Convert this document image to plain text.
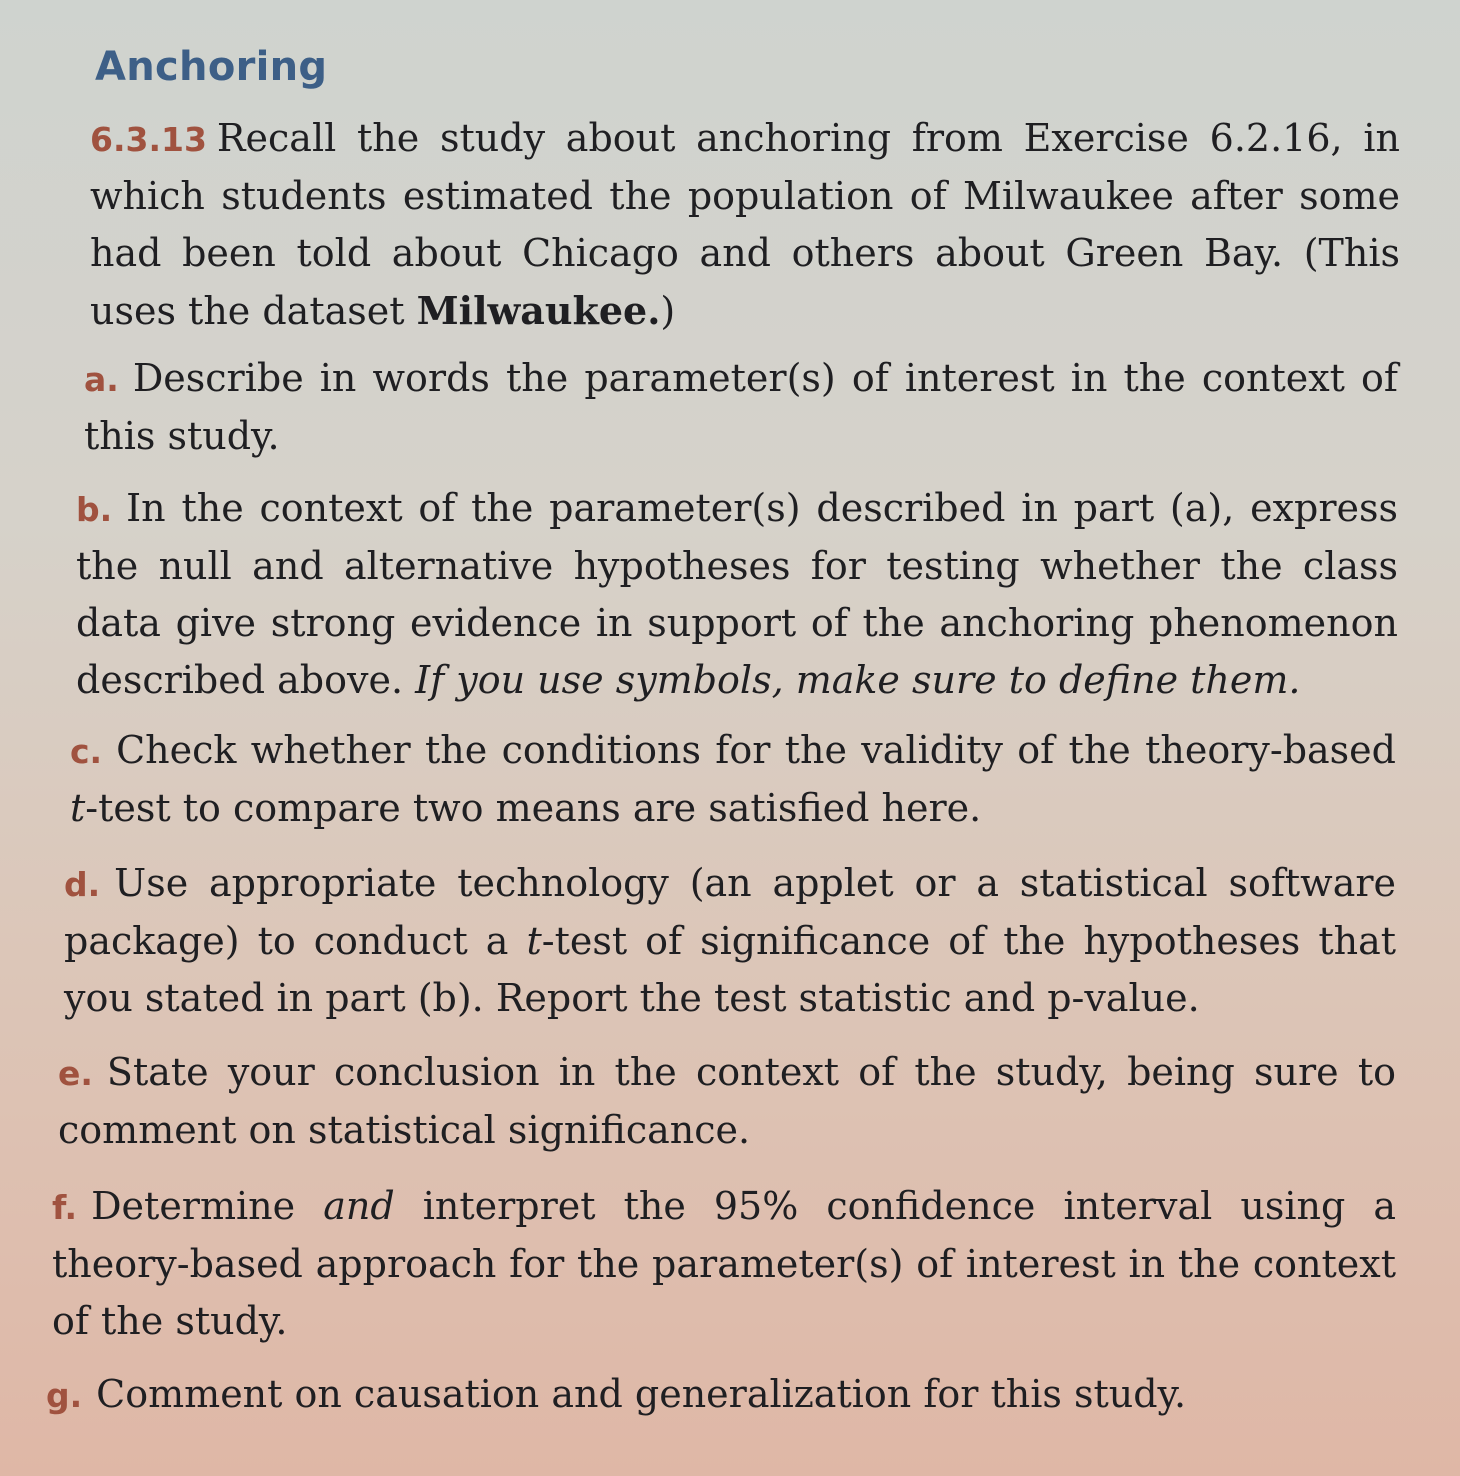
Anchoring
6.3.13 Recall the study about anchoring from Exercise 6.2.16, in which students estimated the population of Milwaukee after some had been told about Chicago and others about Green Bay. (This uses the dataset Milwaukee.)
a. Describe in words the parameter(s) of interest in the context of this study.
b. In the context of the parameter(s) described in part (a), express the null and alternative hypotheses for testing whether the class data give strong evidence in support of the anchoring phenomenon described above. If you use symbols, make sure to define them.
c. Check whether the conditions for the validity of the theory-based t-test to compare two means are satisfied here.
d. Use appropriate technology (an applet or a statistical software package) to conduct a t-test of significance of the hypotheses that you stated in part (b). Report the test statistic and p-value.
e. State your conclusion in the context of the study, being sure to comment on statistical significance.
f. Determine and interpret the 95% confidence interval using a theory-based approach for the parameter(s) of interest in the context of the study.
g. Comment on causation and generalization for this study.
